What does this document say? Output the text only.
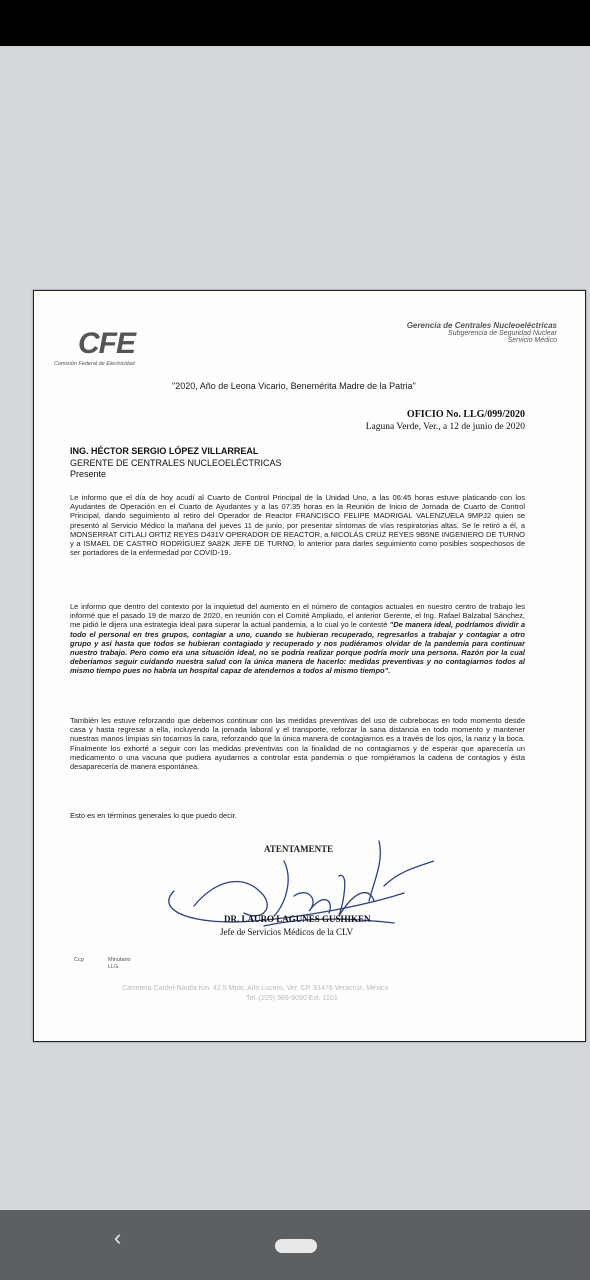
CFE
Comisión Federal de Electricidad
Gerencia de Centrales Nucleoeléctricas
Subgerencia de Seguridad Nuclear
Servicio Médico
"2020, Año de Leona Vicario, Benemérita Madre de la Patria"
OFICIO No. LLG/099/2020
Laguna Verde, Ver., a 12 de junio de 2020
ING. HÉCTOR SERGIO LÓPEZ VILLARREAL
GERENTE DE CENTRALES NUCLEOELÉCTRICAS
Presente
Le informo que el día de hoy acudí al Cuarto de Control Principal de la Unidad Uno, a las 06:45 horas estuve platicando con los Ayudantes de Operación en el Cuarto de Ayudantes y a las 07:35 horas en la Reunión de Inicio de Jornada de Cuarto de Control Principal, dando seguimiento al retiro del Operador de Reactor FRANCISCO FELIPE MADRIGAL VALENZUELA 9MPJ2 quien se presentó al Servicio Médico la mañana del jueves 11 de junio, por presentar síntomas de vías respiratorias altas. Se le retiró a él, a MONSERRAT CITLALI ORTIZ REYES D431V OPERADOR DE REACTOR, a NICOLÁS CRUZ REYES 9B5NE INGENIERO DE TURNO y a ISMAEL DE CASTRO RODRÍGUEZ 9A82K JEFE DE TURNO, lo anterior para darles seguimiento como posibles sospechosos de ser portadores de la enfermedad por COVID-19.
Le informo que dentro del contexto por la inquietud del aumento en el número de contagios actuales en nuestro centro de trabajo les informé que el pasado 19 de marzo de 2020, en reunión con el Comité Ampliado, el anterior Gerente, el Ing. Rafael Balzabal Sánchez, me pidió le dijera una estrategia ideal para superar la actual pandemia, a lo cual yo le contesté "De manera ideal, podríamos dividir a todo el personal en tres grupos, contagiar a uno, cuando se hubieran recuperado, regresarlos a trabajar y contagiar a otro grupo y así hasta que todos se hubieran contagiado y recuperado y nos pudiéramos olvidar de la pandemia para continuar nuestro trabajo. Pero como era una situación ideal, no se podría realizar porque podría morir una persona. Razón por la cual deberíamos seguir cuidando nuestra salud con la única manera de hacerlo: medidas preventivas y no contagiarnos todos al mismo tiempo pues no habría un hospital capaz de atendernos a todos al mismo tiempo".
También les estuve reforzando que debemos continuar con las medidas preventivas del uso de cubrebocas en todo momento desde casa y hasta regresar a ella, incluyendo la jornada laboral y el transporte, reforzar la sana distancia en todo momento y mantener nuestras manos limpias sin tocarnos la cara, reforzando que la única manera de contagiarnos es a través de los ojos, la nariz y la boca. Finalmente los exhorté a seguir con las medidas preventivas con la finalidad de no contagiarnos y de esperar que aparecería un medicamento o una vacuna que pudiera ayudarnos a controlar esta pandemia o que rompiéramos la cadena de contagios y ésta desaparecería de manera espontánea.
Esto es en términos generales lo que puedo decir.
ATENTAMENTE
DR. LAURO LAGUNES GUSHIKEN
Jefe de Servicios Médicos de la CLV
Ccp	Minutario
LLG
Carretera Cardel-Nautla Km. 42.5 Mpio. Alto Lucero, Ver. CP. 91476 Veracruz, México
Tel. (229) 989-9090 Ext. 1101
‹
